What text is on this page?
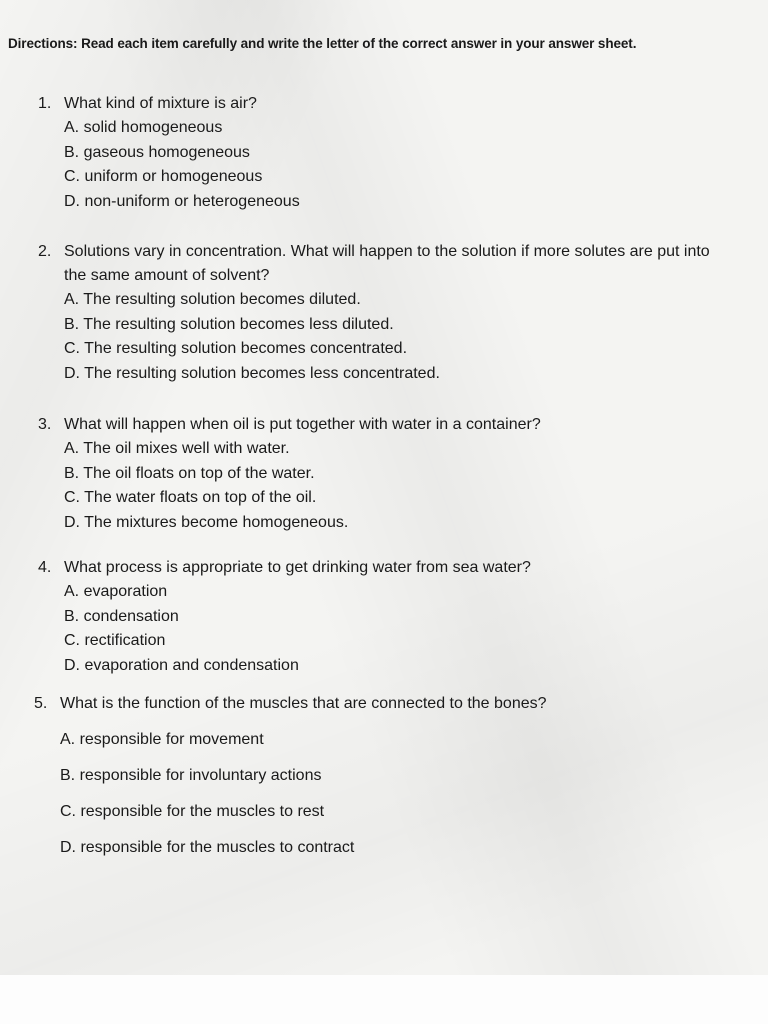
Directions: Read each item carefully and write the letter of the correct answer in your answer sheet.
1. What kind of mixture is air?
A. solid homogeneous
B. gaseous homogeneous
C. uniform or homogeneous
D. non-uniform or heterogeneous
2. Solutions vary in concentration. What will happen to the solution if more solutes are put into the same amount of solvent?
A. The resulting solution becomes diluted.
B. The resulting solution becomes less diluted.
C. The resulting solution becomes concentrated.
D. The resulting solution becomes less concentrated.
3. What will happen when oil is put together with water in a container?
A. The oil mixes well with water.
B. The oil floats on top of the water.
C. The water floats on top of the oil.
D. The mixtures become homogeneous.
4. What process is appropriate to get drinking water from sea water?
A. evaporation
B. condensation
C. rectification
D. evaporation and condensation
5. What is the function of the muscles that are connected to the bones?
A. responsible for movement
B. responsible for involuntary actions
C. responsible for the muscles to rest
D. responsible for the muscles to contract
